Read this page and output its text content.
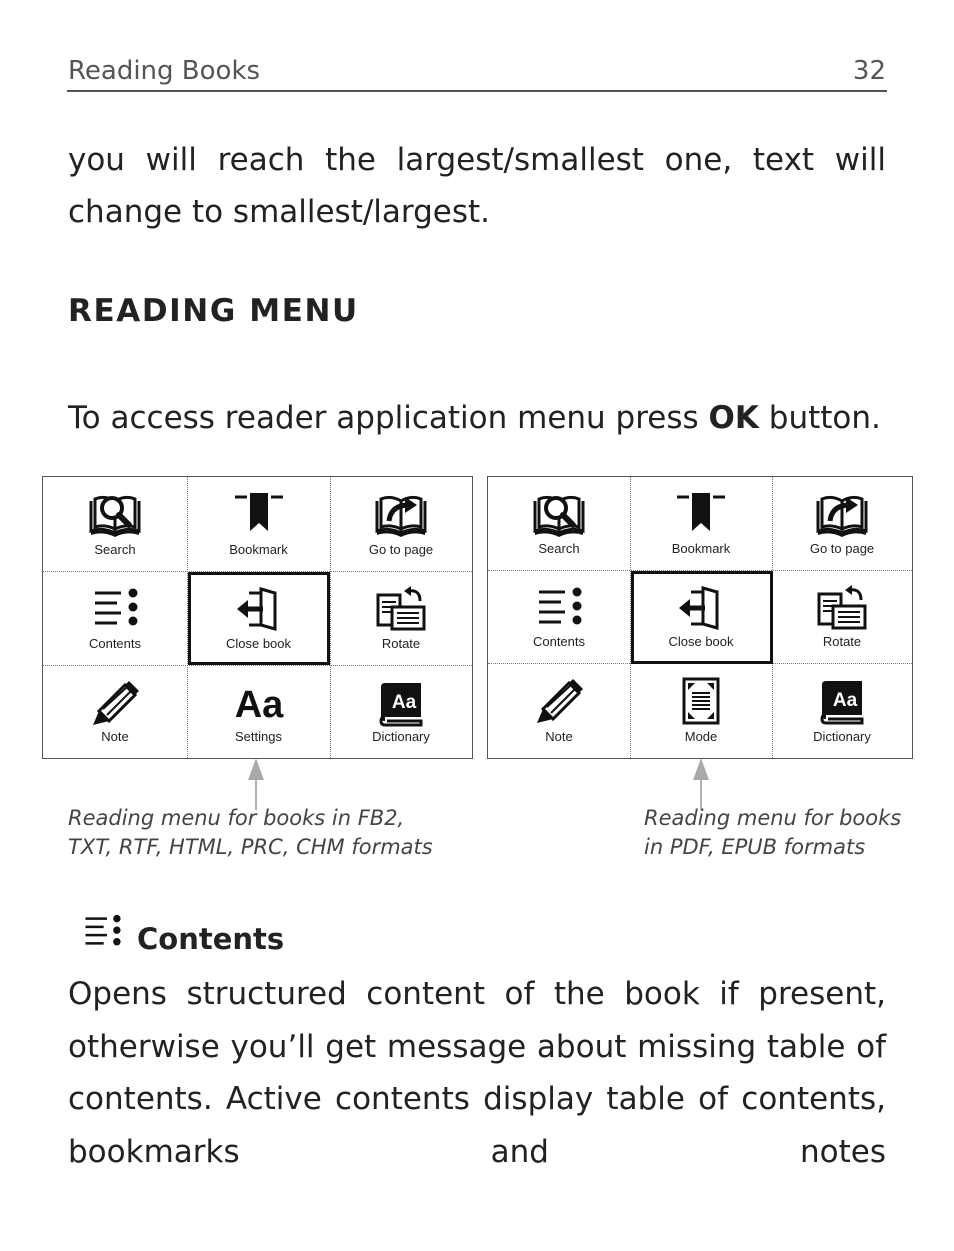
Reading Books	32
you will reach the largest/smallest one, text will change to smallest/largest.
READING MENU
To access reader application menu press OK button.
Search	Bookmark	Go to page
Contents	Close book	Rotate
Note	Settings	Dictionary
Search	Bookmark	Go to page
Contents	Close book	Rotate
Note	Mode	Dictionary
Reading menu for books in FB2,
TXT, RTF, HTML, PRC, CHM formats
Reading menu for books
in PDF, EPUB formats
Contents
Opens structured content of the book if present, otherwise you’ll get message about missing table of contents. Active contents display table of contents, bookmarks and notes
